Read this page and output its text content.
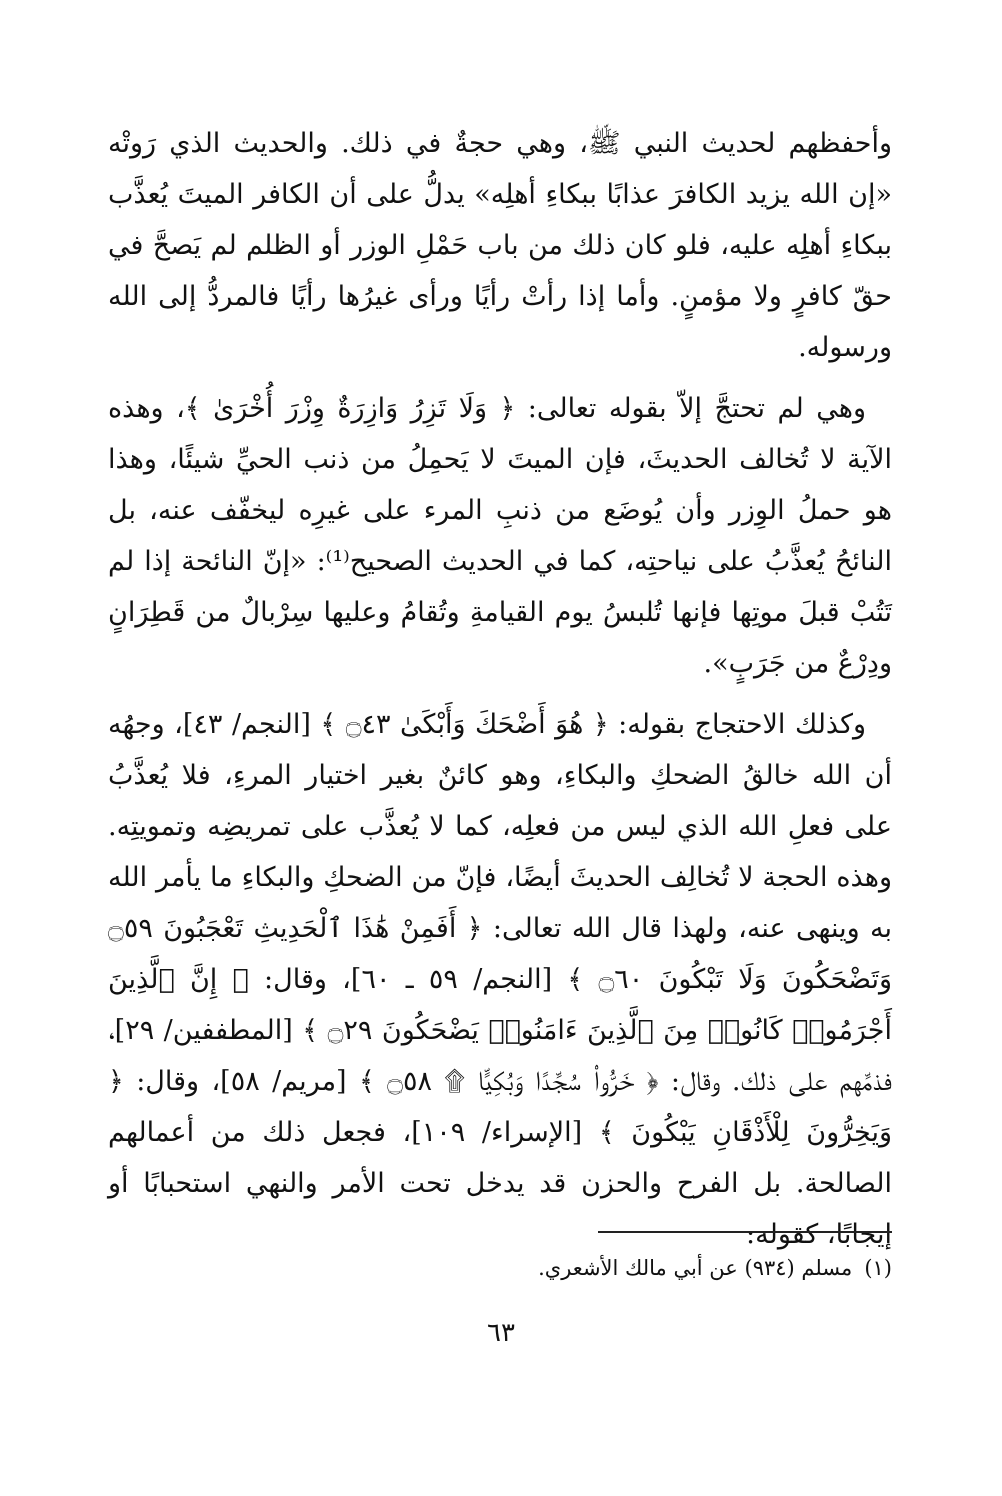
وأحفظهم لحديث النبي ﷺ، وهي حجةٌ في ذلك. والحديث الذي رَوتْه «إن الله يزيد الكافرَ عذابًا ببكاءِ أهلِه» يدلُّ على أن الكافر الميتَ يُعذَّب ببكاءِ أهلِه عليه، فلو كان ذلك من باب حَمْلِ الوزر أو الظلم لم يَصحَّ في حقّ كافرٍ ولا مؤمنٍ. وأما إذا رأتْ رأيًا ورأى غيرُها رأيًا فالمردُّ إلى الله ورسوله.

وهي لم تحتجَّ إلاّ بقوله تعالى: ﴿ وَلَا تَزِرُ وَازِرَةٌ وِزْرَ أُخْرَىٰ ﴾، وهذه الآية لا تُخالف الحديثَ، فإن الميتَ لا يَحمِلُ من ذنب الحيِّ شيئًا، وهذا هو حملُ الوِزر وأن يُوضَع من ذنبِ المرء على غيرِه ليخفّف عنه، بل النائحُ يُعذَّبُ على نياحتِه، كما في الحديث الصحيح⁽¹⁾: «إنّ النائحة إذا لم تَتُبْ قبلَ موتِها فإنها تُلبسُ يوم القيامةِ وتُقامُ وعليها سِرْبالٌ من قَطِرَانٍ ودِرْعٌ من جَرَبٍ».

وكذلك الاحتجاج بقوله: ﴿ هُوَ أَضْحَكَ وَأَبْكَىٰ ۝٤٣ ﴾ [النجم/ ٤٣]، وجهُه أن الله خالقُ الضحكِ والبكاءِ، وهو كائنٌ بغير اختيار المرءِ، فلا يُعذَّبُ على فعلِ الله الذي ليس من فعلِه، كما لا يُعذَّب على تمريضِه وتمويتِه. وهذه الحجة لا تُخالِف الحديثَ أيضًا، فإنّ من الضحكِ والبكاءِ ما يأمر الله به وينهى عنه، ولهذا قال الله تعالى: ﴿ أَفَمِنْ هَٰذَا ٱلْحَدِيثِ تَعْجَبُونَ ۝٥٩ وَتَضْحَكُونَ وَلَا تَبْكُونَ ۝٦٠ ﴾ [النجم/ ٥٩ ـ ٦٠]، وقال: ﴿ إِنَّ ٱلَّذِينَ أَجْرَمُوا۟ كَانُوا۟ مِنَ ٱلَّذِينَ ءَامَنُوا۟ يَضْحَكُونَ ۝٢٩ ﴾ [المطففين/ ٢٩]، فذمَّهم على ذلك. وقال: ﴿ خَرُّوا۟ سُجَّدًا وَبُكِيًّا ۩ ۝٥٨ ﴾ [مريم/ ٥٨]، وقال: ﴿ وَيَخِرُّونَ لِلْأَذْقَانِ يَبْكُونَ ﴾ [الإسراء/ ١٠٩]، فجعل ذلك من أعمالهم الصالحة. بل الفرح والحزن قد يدخل تحت الأمر والنهي استحبابًا أو إيجابًا، كقوله:

(١)مسلم (٩٣٤) عن أبي مالك الأشعري.
٦٣
